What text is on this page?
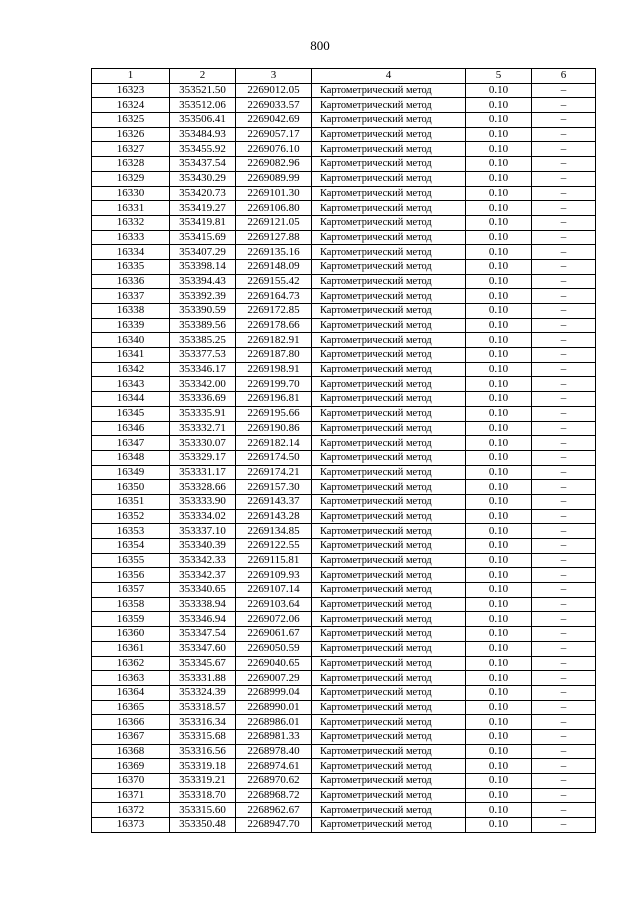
800
1	2	3	4	5	6
16323	353521.50	2269012.05	Картометрический метод	0.10	–
16324	353512.06	2269033.57	Картометрический метод	0.10	–
16325	353506.41	2269042.69	Картометрический метод	0.10	–
16326	353484.93	2269057.17	Картометрический метод	0.10	–
16327	353455.92	2269076.10	Картометрический метод	0.10	–
16328	353437.54	2269082.96	Картометрический метод	0.10	–
16329	353430.29	2269089.99	Картометрический метод	0.10	–
16330	353420.73	2269101.30	Картометрический метод	0.10	–
16331	353419.27	2269106.80	Картометрический метод	0.10	–
16332	353419.81	2269121.05	Картометрический метод	0.10	–
16333	353415.69	2269127.88	Картометрический метод	0.10	–
16334	353407.29	2269135.16	Картометрический метод	0.10	–
16335	353398.14	2269148.09	Картометрический метод	0.10	–
16336	353394.43	2269155.42	Картометрический метод	0.10	–
16337	353392.39	2269164.73	Картометрический метод	0.10	–
16338	353390.59	2269172.85	Картометрический метод	0.10	–
16339	353389.56	2269178.66	Картометрический метод	0.10	–
16340	353385.25	2269182.91	Картометрический метод	0.10	–
16341	353377.53	2269187.80	Картометрический метод	0.10	–
16342	353346.17	2269198.91	Картометрический метод	0.10	–
16343	353342.00	2269199.70	Картометрический метод	0.10	–
16344	353336.69	2269196.81	Картометрический метод	0.10	–
16345	353335.91	2269195.66	Картометрический метод	0.10	–
16346	353332.71	2269190.86	Картометрический метод	0.10	–
16347	353330.07	2269182.14	Картометрический метод	0.10	–
16348	353329.17	2269174.50	Картометрический метод	0.10	–
16349	353331.17	2269174.21	Картометрический метод	0.10	–
16350	353328.66	2269157.30	Картометрический метод	0.10	–
16351	353333.90	2269143.37	Картометрический метод	0.10	–
16352	353334.02	2269143.28	Картометрический метод	0.10	–
16353	353337.10	2269134.85	Картометрический метод	0.10	–
16354	353340.39	2269122.55	Картометрический метод	0.10	–
16355	353342.33	2269115.81	Картометрический метод	0.10	–
16356	353342.37	2269109.93	Картометрический метод	0.10	–
16357	353340.65	2269107.14	Картометрический метод	0.10	–
16358	353338.94	2269103.64	Картометрический метод	0.10	–
16359	353346.94	2269072.06	Картометрический метод	0.10	–
16360	353347.54	2269061.67	Картометрический метод	0.10	–
16361	353347.60	2269050.59	Картометрический метод	0.10	–
16362	353345.67	2269040.65	Картометрический метод	0.10	–
16363	353331.88	2269007.29	Картометрический метод	0.10	–
16364	353324.39	2268999.04	Картометрический метод	0.10	–
16365	353318.57	2268990.01	Картометрический метод	0.10	–
16366	353316.34	2268986.01	Картометрический метод	0.10	–
16367	353315.68	2268981.33	Картометрический метод	0.10	–
16368	353316.56	2268978.40	Картометрический метод	0.10	–
16369	353319.18	2268974.61	Картометрический метод	0.10	–
16370	353319.21	2268970.62	Картометрический метод	0.10	–
16371	353318.70	2268968.72	Картометрический метод	0.10	–
16372	353315.60	2268962.67	Картометрический метод	0.10	–
16373	353350.48	2268947.70	Картометрический метод	0.10	–
